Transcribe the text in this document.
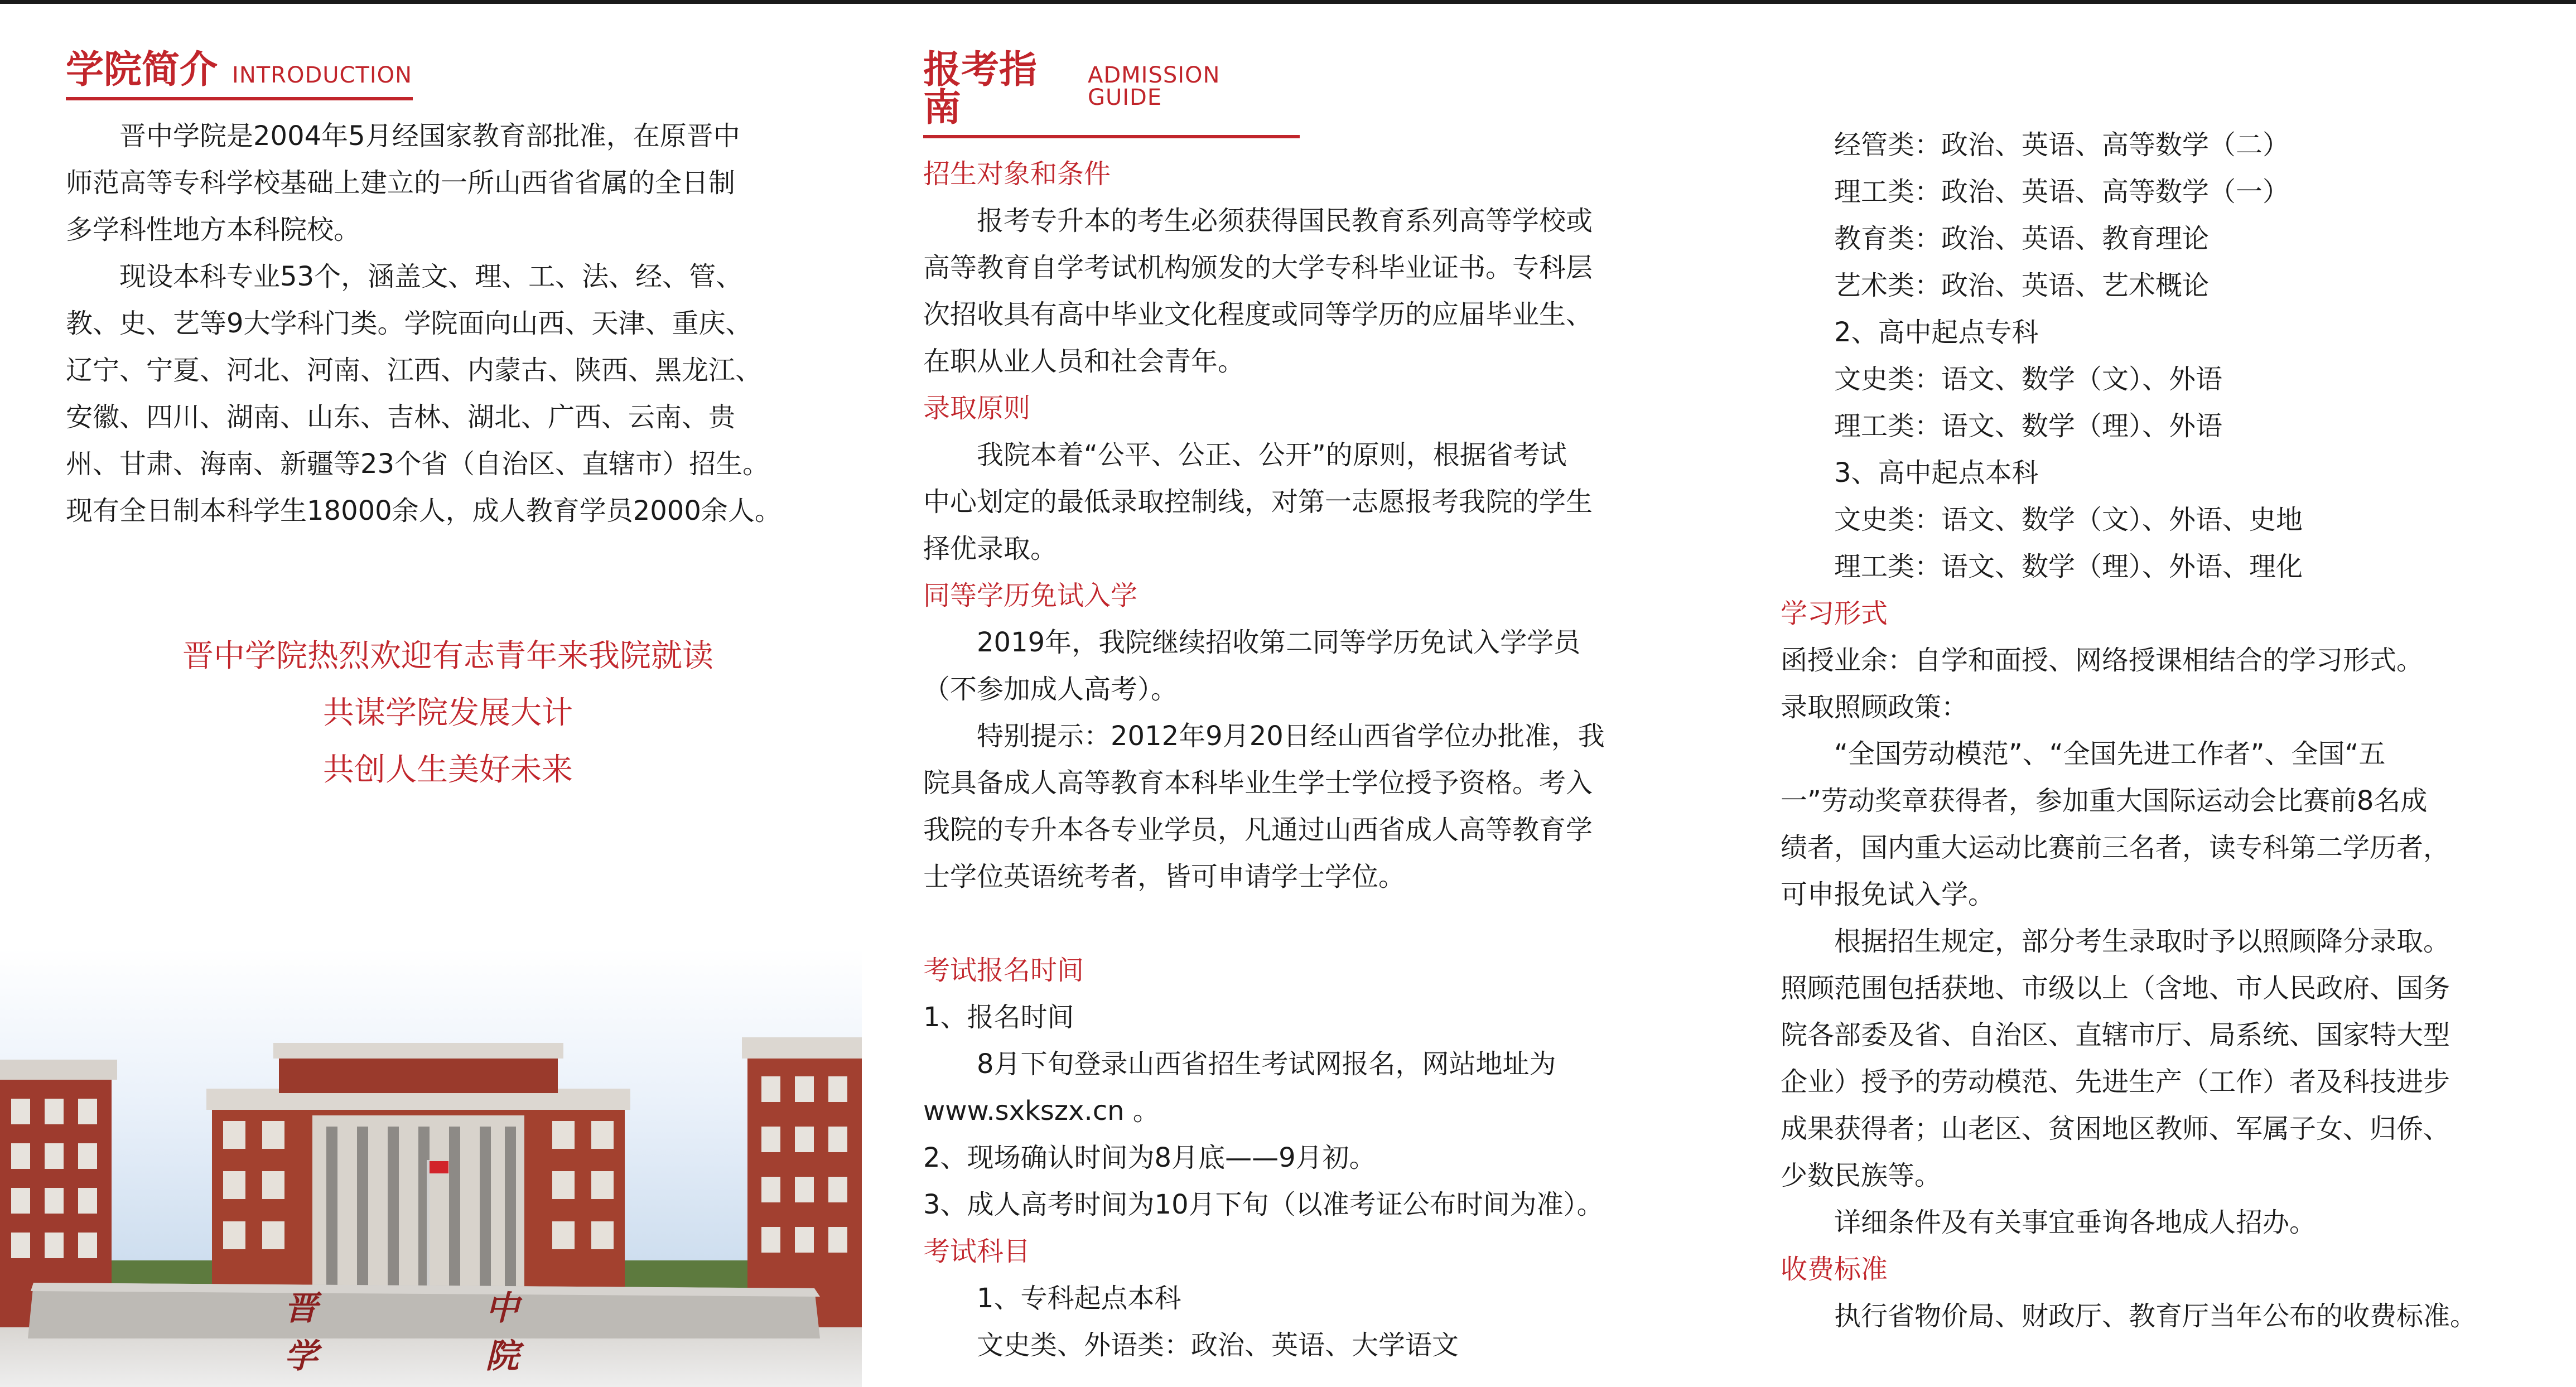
学院简介 INTRODUCTION

晋中学院是2004年5月经国家教育部批准，在原晋中

师范高等专科学校基础上建立的一所山西省省属的全日制

多学科性地方本科院校。

现设本科专业53个，涵盖文、理、工、法、经、管、

教、史、艺等9大学科门类。学院面向山西、天津、重庆、

辽宁、宁夏、河北、河南、江西、内蒙古、陕西、黑龙江、

安徽、四川、湖南、山东、吉林、湖北、广西、云南、贵

州、甘肃、海南、新疆等23个省（自治区、直辖市）招生。

现有全日制本科学生18000余人，成人教育学员2000余人。

晋中学院热烈欢迎有志青年来我院就读

共谋学院发展大计

共创人生美好未来

晋 中 学 院
报考指南
ADMISSION GUIDE

招生对象和条件

报考专升本的考生必须获得国民教育系列高等学校或

高等教育自学考试机构颁发的大学专科毕业证书。专科层

次招收具有高中毕业文化程度或同等学历的应届毕业生、

在职从业人员和社会青年。

录取原则

我院本着“公平、公正、公开”的原则，根据省考试

中心划定的最低录取控制线，对第一志愿报考我院的学生

择优录取。

同等学历免试入学

2019年，我院继续招收第二同等学历免试入学学员

（不参加成人高考）。

特别提示：2012年9月20日经山西省学位办批准，我

院具备成人高等教育本科毕业生学士学位授予资格。考入

我院的专升本各专业学员，凡通过山西省成人高等教育学

士学位英语统考者，皆可申请学士学位。

考试报名时间

1、报名时间

8月下旬登录山西省招生考试网报名，网站地址为

www.sxkszx.cn 。

2、现场确认时间为8月底——9月初。

3、成人高考时间为10月下旬（以准考证公布时间为准）。

考试科目

1、专科起点本科

文史类、外语类：政治、英语、大学语文

经管类：政治、英语、高等数学（二）

理工类：政治、英语、高等数学（一）

教育类：政治、英语、教育理论

艺术类：政治、英语、艺术概论

2、高中起点专科

文史类：语文、数学（文）、外语

理工类：语文、数学（理）、外语

3、高中起点本科

文史类：语文、数学（文）、外语、史地

理工类：语文、数学（理）、外语、理化

学习形式

函授业余：自学和面授、网络授课相结合的学习形式。

录取照顾政策：

“全国劳动模范”、“全国先进工作者”、全国“五

一”劳动奖章获得者，参加重大国际运动会比赛前8名成

绩者，国内重大运动比赛前三名者，读专科第二学历者，

可申报免试入学。

根据招生规定，部分考生录取时予以照顾降分录取。

照顾范围包括获地、市级以上（含地、市人民政府、国务

院各部委及省、自治区、直辖市厅、局系统、国家特大型

企业）授予的劳动模范、先进生产（工作）者及科技进步

成果获得者；山老区、贫困地区教师、军属子女、归侨、

少数民族等。

详细条件及有关事宜垂询各地成人招办。

收费标准

执行省物价局、财政厅、教育厅当年公布的收费标准。
